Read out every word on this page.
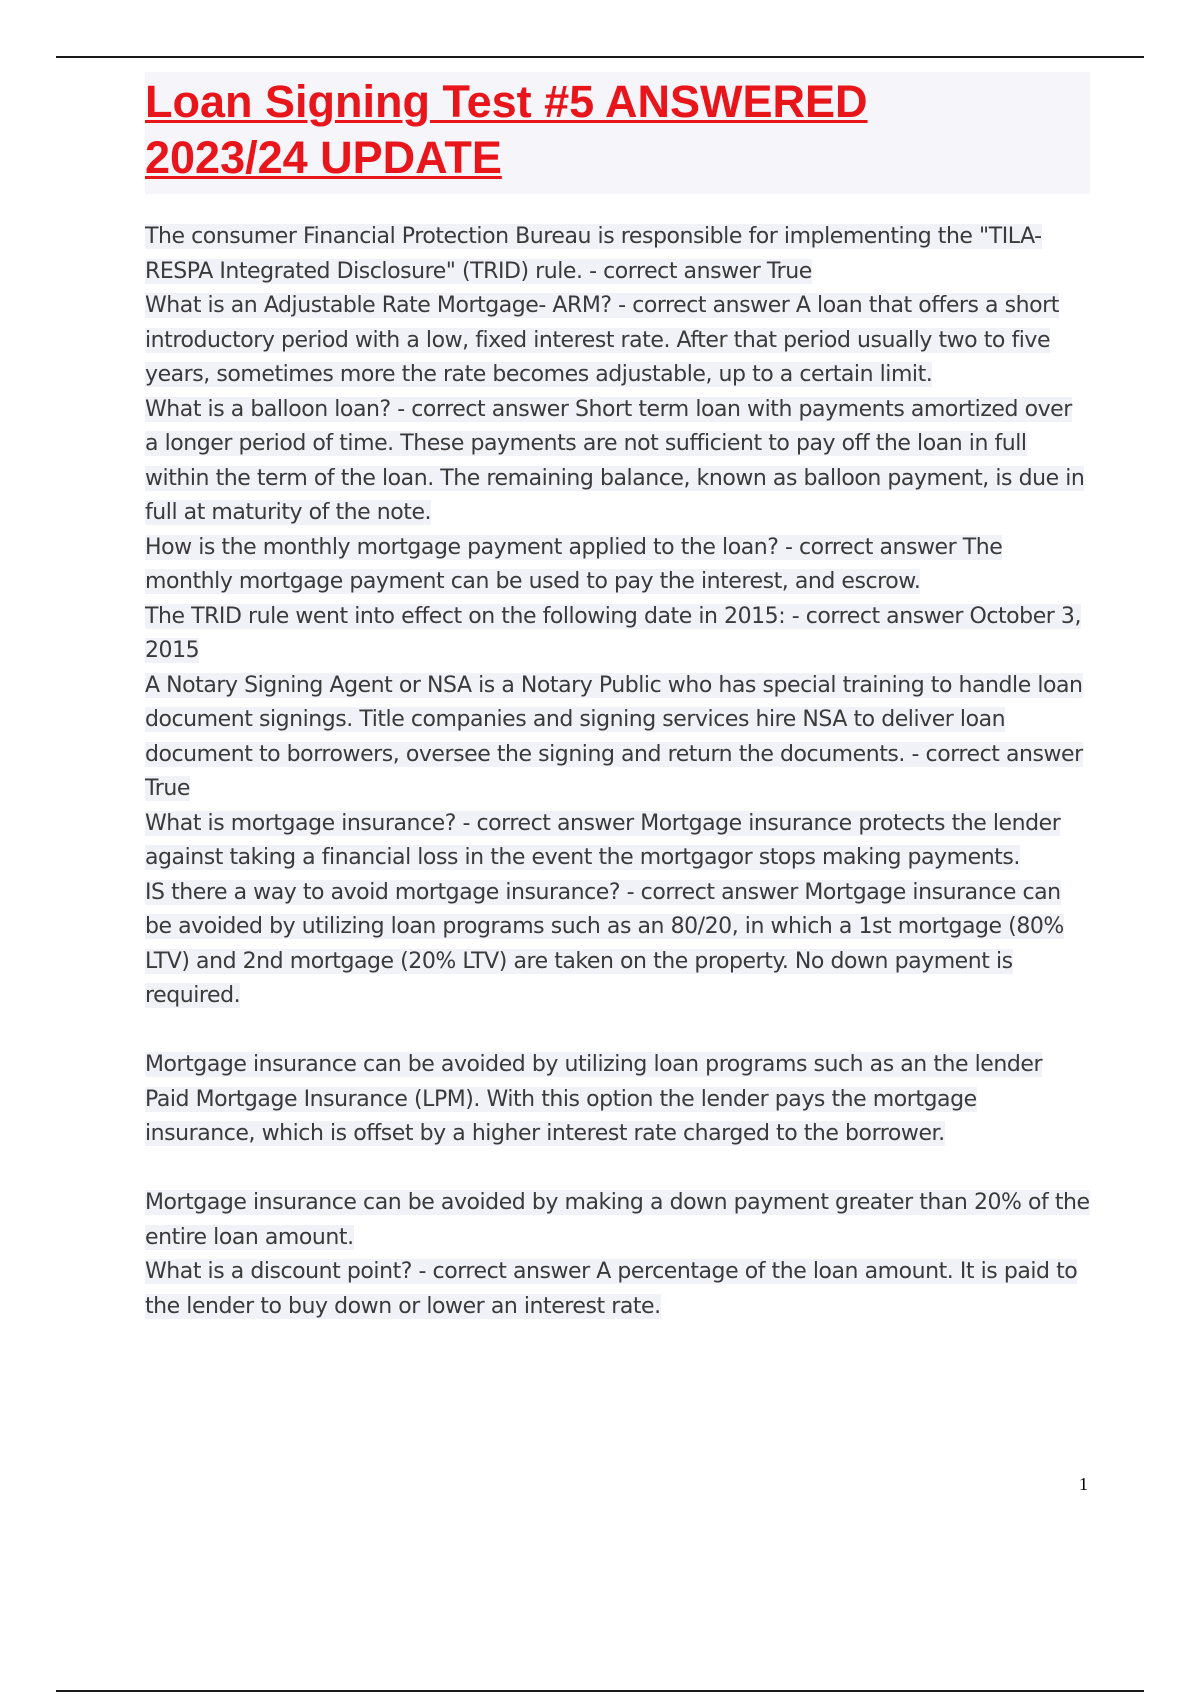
Loan Signing Test #5 ANSWERED
2023/24 UPDATE

The consumer Financial Protection Bureau is responsible for implementing the "TILA- RESPA Integrated Disclosure" (TRID) rule. - correct answer True

What is an Adjustable Rate Mortgage- ARM? - correct answer A loan that offers a short introductory period with a low, fixed interest rate. After that period usually two to five years, sometimes more the rate becomes adjustable, up to a certain limit.

What is a balloon loan? - correct answer Short term loan with payments amortized over a longer period of time. These payments are not sufficient to pay off the loan in full within the term of the loan. The remaining balance, known as balloon payment, is due in full at maturity of the note.

How is the monthly mortgage payment applied to the loan? - correct answer The monthly mortgage payment can be used to pay the interest, and escrow.

The TRID rule went into effect on the following date in 2015: - correct answer October 3, 2015

A Notary Signing Agent or NSA is a Notary Public who has special training to handle loan document signings. Title companies and signing services hire NSA to deliver loan document to borrowers, oversee the signing and return the documents. - correct answer True

What is mortgage insurance? - correct answer Mortgage insurance protects the lender against taking a financial loss in the event the mortgagor stops making payments.

IS there a way to avoid mortgage insurance? - correct answer Mortgage insurance can be avoided by utilizing loan programs such as an 80/20, in which a 1st mortgage (80% LTV) and 2nd mortgage (20% LTV) are taken on the property. No down payment is required.

Mortgage insurance can be avoided by utilizing loan programs such as an the lender Paid Mortgage Insurance (LPM). With this option the lender pays the mortgage insurance, which is offset by a higher interest rate charged to the borrower.

Mortgage insurance can be avoided by making a down payment greater than 20% of the entire loan amount.

What is a discount point? - correct answer A percentage of the loan amount. It is paid to the lender to buy down or lower an interest rate.

1
